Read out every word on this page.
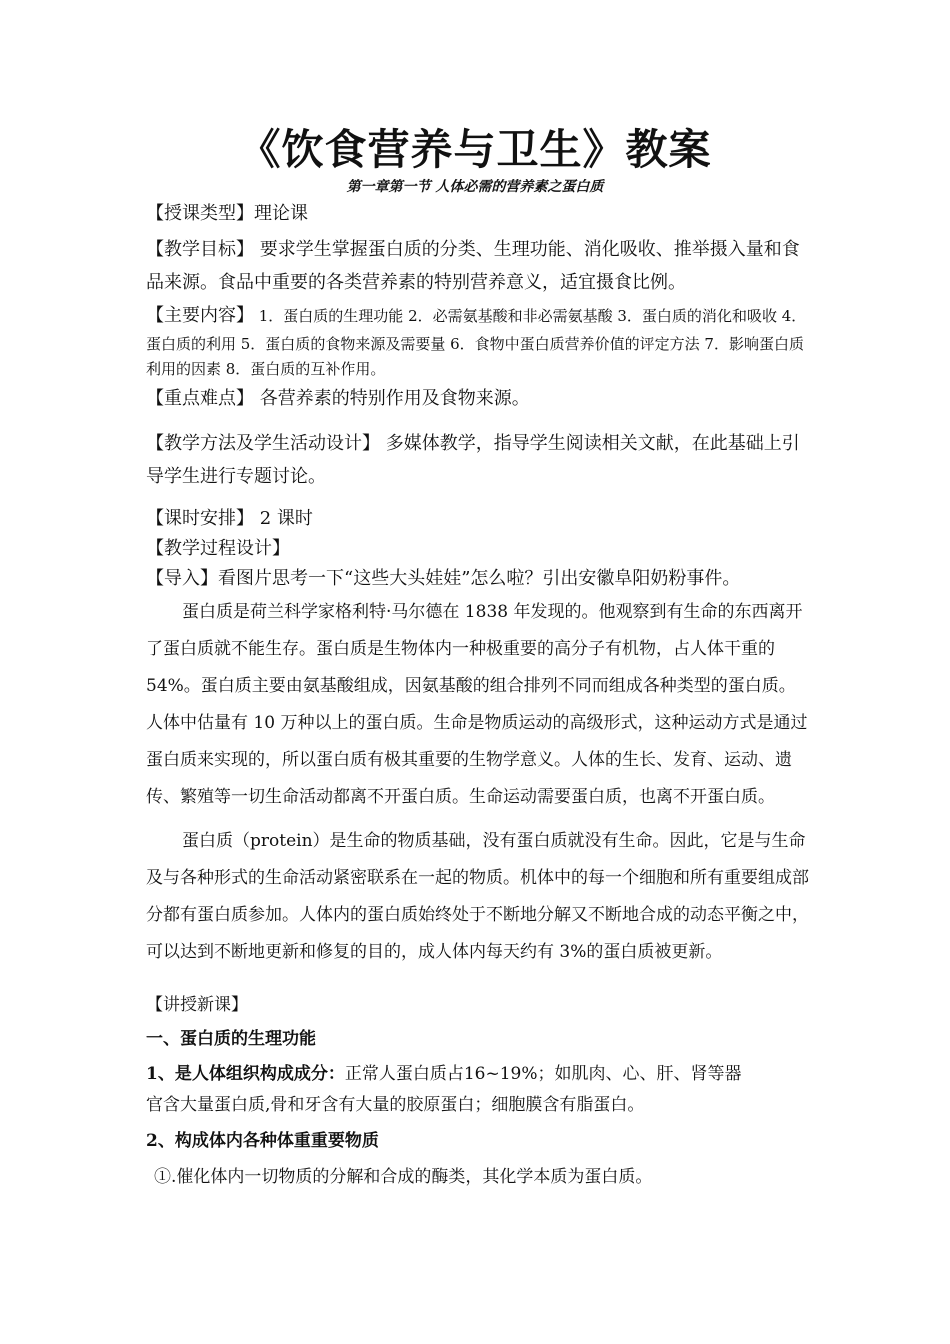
《饮食营养与卫生》教案
第一章第一节 人体必需的营养素之蛋白质
【授课类型】理论课

【教学目标】 要求学生掌握蛋白质的分类、生理功能、消化吸收、推举摄入量和食品来源。食品中重要的各类营养素的特别营养意义，适宜摄食比例。

【主要内容】 1．蛋白质的生理功能 2．必需氨基酸和非必需氨基酸 3．蛋白质的消化和吸收 4．蛋白质的利用 5．蛋白质的食物来源及需要量 6．食物中蛋白质营养价值的评定方法 7．影响蛋白质利用的因素 8．蛋白质的互补作用。

【重点难点】 各营养素的特别作用及食物来源。

【教学方法及学生活动设计】 多媒体教学，指导学生阅读相关文献，在此基础上引导学生进行专题讨论。

【课时安排】 2 课时
【教学过程设计】
【导入】看图片思考一下“这些大头娃娃”怎么啦？引出安徽阜阳奶粉事件。

蛋白质是荷兰科学家格利特·马尔德在 1838 年发现的。他观察到有生命的东西离开了蛋白质就不能生存。蛋白质是生物体内一种极重要的高分子有机物，占人体干重的 54%。蛋白质主要由氨基酸组成，因氨基酸的组合排列不同而组成各种类型的蛋白质。人体中估量有 10 万种以上的蛋白质。生命是物质运动的高级形式，这种运动方式是通过蛋白质来实现的，所以蛋白质有极其重要的生物学意义。人体的生长、发育、运动、遗传、繁殖等一切生命活动都离不开蛋白质。生命运动需要蛋白质，也离不开蛋白质。

蛋白质（protein）是生命的物质基础，没有蛋白质就没有生命。因此，它是与生命及与各种形式的生命活动紧密联系在一起的物质。机体中的每一个细胞和所有重要组成部分都有蛋白质参加。人体内的蛋白质始终处于不断地分解又不断地合成的动态平衡之中，可以达到不断地更新和修复的目的，成人体内每天约有 3%的蛋白质被更新。

【讲授新课】
一、蛋白质的生理功能
1、是人体组织构成成分：正常人蛋白质占16~19%；如肌肉、心、肝、肾等器
官含大量蛋白质,骨和牙含有大量的胶原蛋白；细胞膜含有脂蛋白。
2、构成体内各种体重重要物质
①.催化体内一切物质的分解和合成的酶类，其化学本质为蛋白质。
